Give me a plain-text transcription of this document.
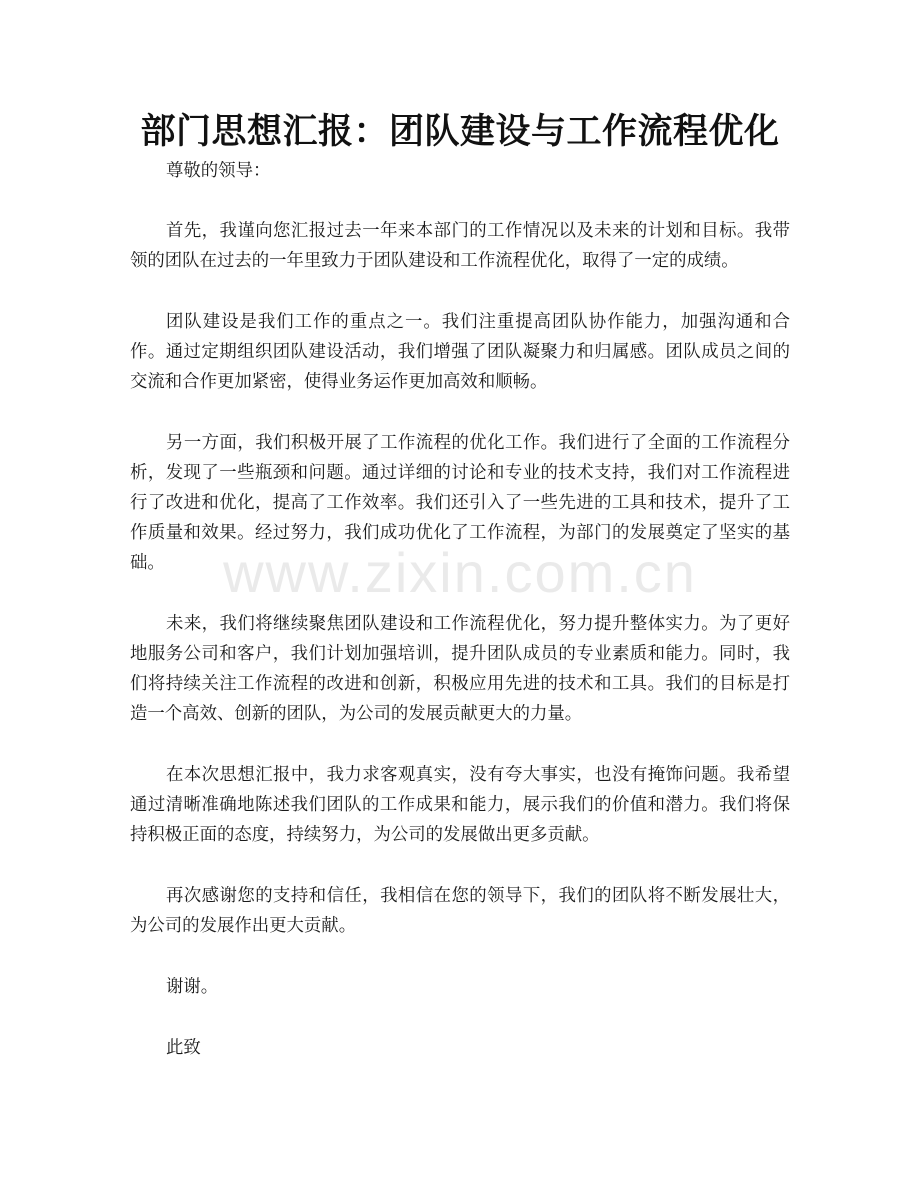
部门思想汇报：团队建设与工作流程优化

尊敬的领导：

首先，我谨向您汇报过去一年来本部门的工作情况以及未来的计划和目标。我带领的团队在过去的一年里致力于团队建设和工作流程优化，取得了一定的成绩。

团队建设是我们工作的重点之一。我们注重提高团队协作能力，加强沟通和合作。通过定期组织团队建设活动，我们增强了团队凝聚力和归属感。团队成员之间的交流和合作更加紧密，使得业务运作更加高效和顺畅。

另一方面，我们积极开展了工作流程的优化工作。我们进行了全面的工作流程分析，发现了一些瓶颈和问题。通过详细的讨论和专业的技术支持，我们对工作流程进行了改进和优化，提高了工作效率。我们还引入了一些先进的工具和技术，提升了工作质量和效果。经过努力，我们成功优化了工作流程，为部门的发展奠定了坚实的基础。

未来，我们将继续聚焦团队建设和工作流程优化，努力提升整体实力。为了更好地服务公司和客户，我们计划加强培训，提升团队成员的专业素质和能力。同时，我们将持续关注工作流程的改进和创新，积极应用先进的技术和工具。我们的目标是打造一个高效、创新的团队，为公司的发展贡献更大的力量。

在本次思想汇报中，我力求客观真实，没有夸大事实，也没有掩饰问题。我希望通过清晰准确地陈述我们团队的工作成果和能力，展示我们的价值和潜力。我们将保持积极正面的态度，持续努力，为公司的发展做出更多贡献。

再次感谢您的支持和信任，我相信在您的领导下，我们的团队将不断发展壮大，为公司的发展作出更大贡献。

谢谢。

此致

www.zixin.com.cn
